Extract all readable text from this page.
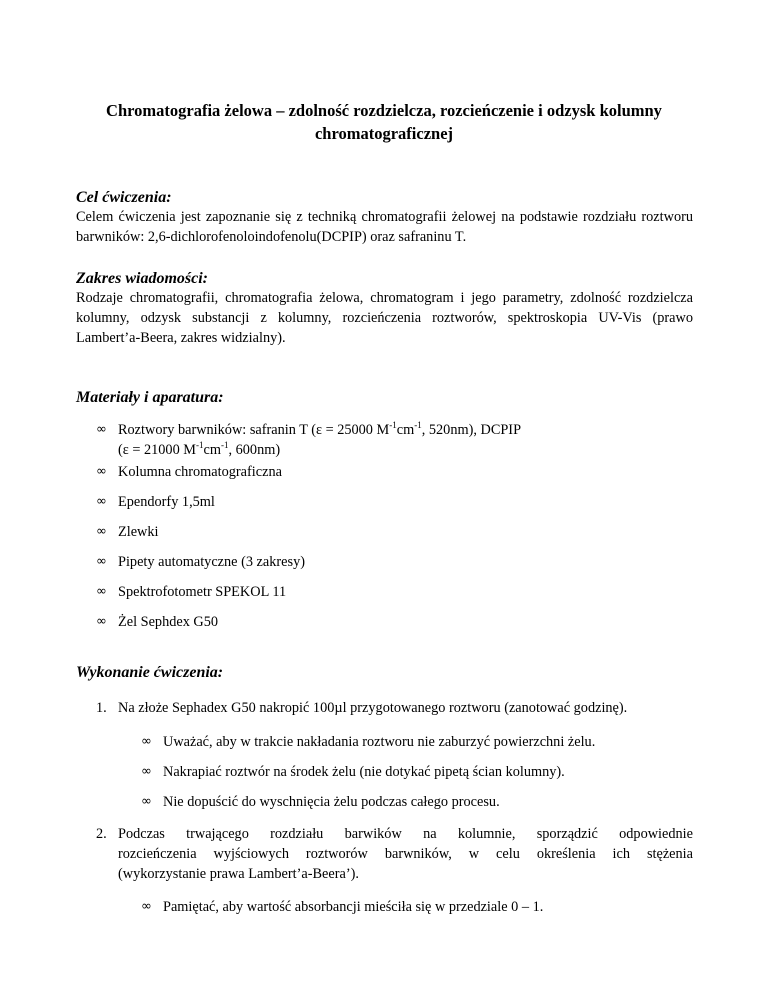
Chromatografia żelowa – zdolność rozdzielcza, rozcieńczenie i odzysk kolumny
chromatograficznej
Cel ćwiczenia:
Celem ćwiczenia jest zapoznanie się z techniką chromatografii żelowej na podstawie rozdziału roztworu barwników: 2,6-dichlorofenoloindofenolu(DCPIP) oraz safraninu T.
Zakres wiadomości:
Rodzaje chromatografii, chromatografia żelowa, chromatogram i jego parametry, zdolność rozdzielcza kolumny, odzysk substancji z kolumny, rozcieńczenia roztworów, spektroskopia UV-Vis (prawo Lambert’a-Beera, zakres widzialny).
Materiały i aparatura:
∞ Roztwory barwników: safranin T (ε = 25000 $M^{-1}cm^{-1}$, 520nm), DCPIP
(ε = 21000 $M^{-1}cm^{-1}$, 600nm)
∞ Kolumna chromatograficzna
∞ Ependorfy 1,5ml
∞ Zlewki
∞ Pipety automatyczne (3 zakresy)
∞ Spektrofotometr SPEKOL 11
∞ Żel Sephdex G50
Wykonanie ćwiczenia:
1. Na złoże Sephadex G50 nakropić 100µl przygotowanego roztworu (zanotować godzinę).
∞ Uważać, aby w trakcie nakładania roztworu nie zaburzyć powierzchni żelu.
∞ Nakrapiać roztwór na środek żelu (nie dotykać pipetą ścian kolumny).
∞ Nie dopuścić do wyschnięcia żelu podczas całego procesu.
2. Podczas trwającego rozdziału barwików na kolumnie, sporządzić odpowiednie
rozcieńczenia wyjściowych roztworów barwników, w celu określenia ich stężenia
(wykorzystanie prawa Lambert’a-Beera’).
∞ Pamiętać, aby wartość absorbancji mieściła się w przedziale 0 – 1.
